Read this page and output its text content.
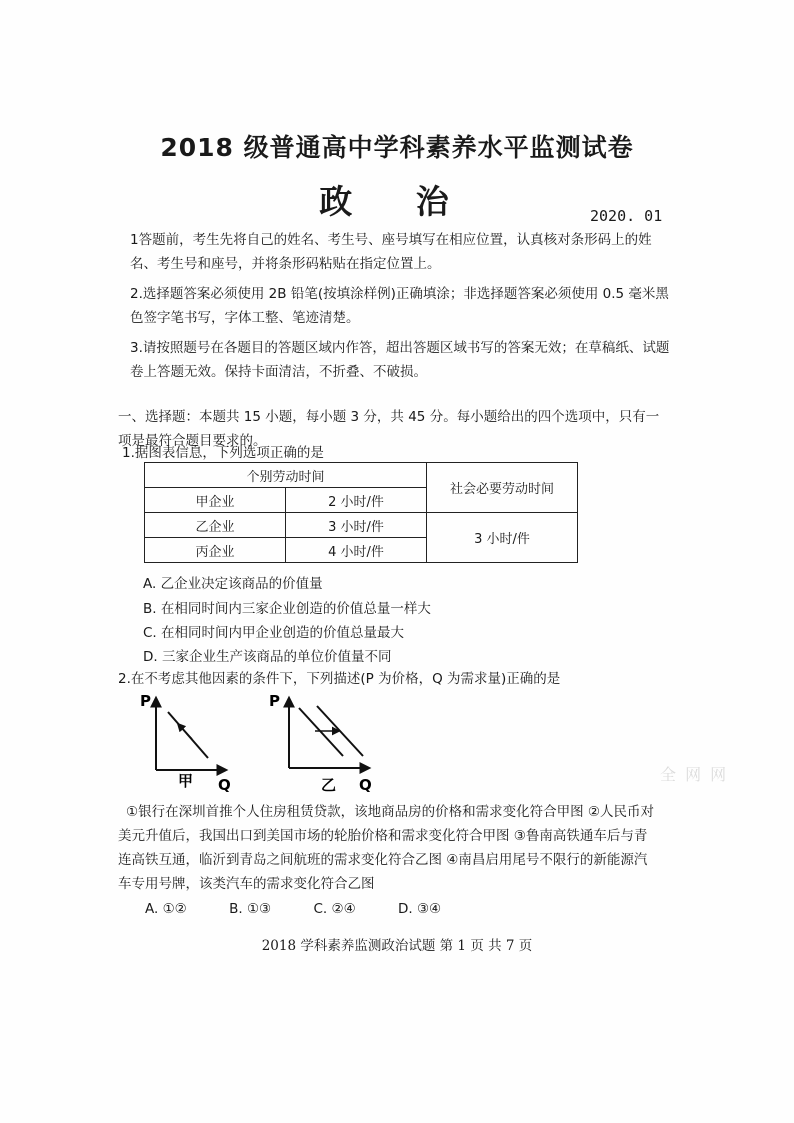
2018 级普通高中学科素养水平监测试卷
政 治	2020. 01

1答题前，考生先将自己的姓名、考生号、座号填写在相应位置，认真核对条形码上的姓名、考生号和座号，并将条形码粘贴在指定位置上。

2.选择题答案必须使用 2B 铅笔(按填涂样例)正确填涂；非选择题答案必须使用 0.5 毫米黑色签字笔书写，字体工整、笔迹清楚。

3.请按照题号在各题目的答题区域内作答，超出答题区域书写的答案无效；在草稿纸、试题卷上答题无效。保持卡面清洁，不折叠、不破损。

一、选择题：本题共 15 小题，每小题 3 分，共 45 分。每小题给出的四个选项中，只有一项是最符合题目要求的。
1.据图表信息，下列选项正确的是
个别劳动时间		社会必要劳动时间
甲企业	2 小时/件	
乙企业	3 小时/件	3 小时/件
丙企业	4 小时/件	
A. 乙企业决定该商品的价值量
B. 在相同时间内三家企业创造的价值总量一样大
C. 在相同时间内甲企业创造的价值总量最大
D. 三家企业生产该商品的单位价值量不同
2.在不考虑其他因素的条件下，下列描述(P 为价格，Q 为需求量)正确的是
P
Q
甲
P
Q
乙
全 网 网
①银行在深圳首推个人住房租赁贷款，该地商品房的价格和需求变化符合甲图 ②人民币对美元升值后，我国出口到美国市场的轮胎价格和需求变化符合甲图 ③鲁南高铁通车后与青连高铁互通，临沂到青岛之间航班的需求变化符合乙图 ④南昌启用尾号不限行的新能源汽车专用号牌，该类汽车的需求变化符合乙图
A. ①②	B. ①③	C. ②④	D. ③④
2018 学科素养监测政治试题 第 1 页 共 7 页
